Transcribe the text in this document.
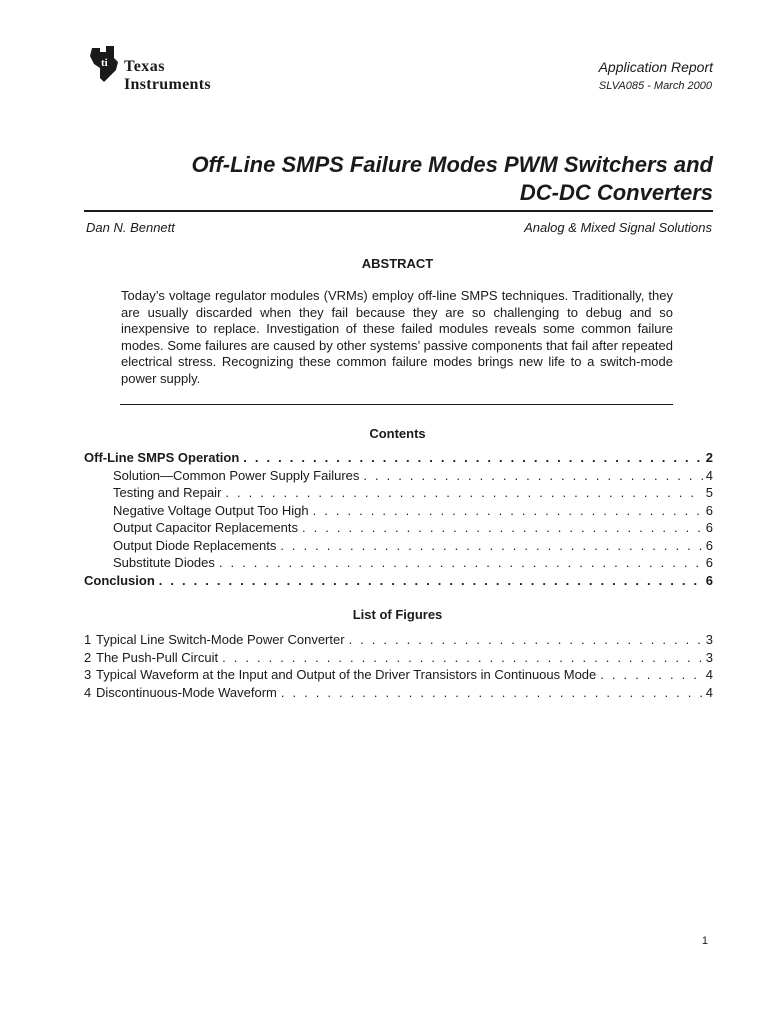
ti Texas
Instruments
Application Report
SLVA085 - March 2000
Off-Line SMPS Failure Modes PWM Switchers and
DC-DC Converters
Dan N. Bennett	Analog & Mixed Signal Solutions
ABSTRACT

Today’s voltage regulator modules (VRMs) employ off-line SMPS techniques. Traditionally, they are usually discarded when they fail because they are so challenging to debug and so inexpensive to replace. Investigation of these failed modules reveals some common failure modes. Some failures are caused by other systems’ passive components that fail after repeated electrical stress. Recognizing these common failure modes brings new life to a switch-mode power supply.

Contents
Off-Line SMPS Operation . . .	2
Solution—Common Power Supply Failures . . .	4
Testing and Repair . . .	5
Negative Voltage Output Too High . . .	6
Output Capacitor Replacements . . .	6
Output Diode Replacements . . .	6
Substitute Diodes . . .	6
Conclusion . . .	6
List of Figures
1 Typical Line Switch-Mode Power Converter . . .	3
2 The Push-Pull Circuit . . .	3
3 Typical Waveform at the Input and Output of the Driver Transistors in Continuous Mode . . .	4
4 Discontinuous-Mode Waveform . . .	4
1
